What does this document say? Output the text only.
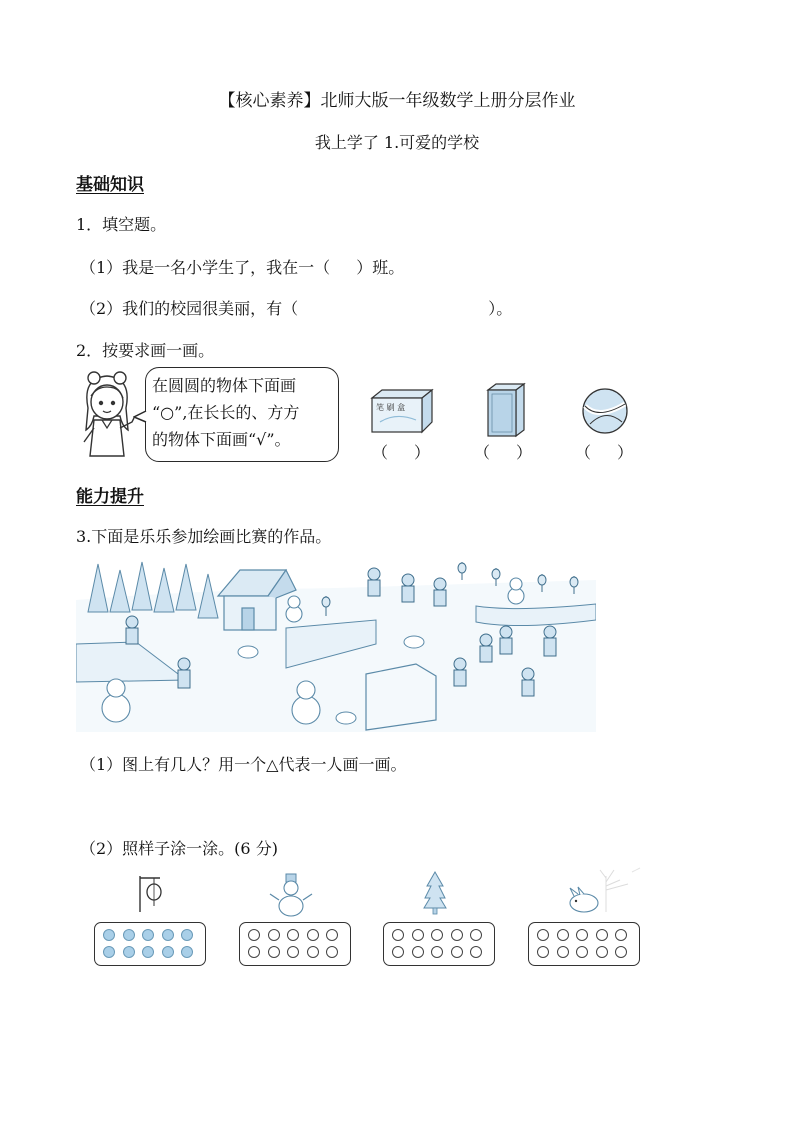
【核心素养】北师大版一年级数学上册分层作业
我上学了 1.可爱的学校
基础知识
1．填空题。
（1）我是一名小学生了，我在一（ ）班。
（2）我们的校园很美丽，有（	）。
2．按要求画一画。
在圆圆的物体下面画
“○”,在长长的、方方
的物体下面画“√”。
笔 刷 盒
（ ）	（ ）	（ ）
能力提升
3.下面是乐乐参加绘画比赛的作品。
（1）图上有几人？用一个△代表一人画一画。
（2）照样子涂一涂。(6 分)
